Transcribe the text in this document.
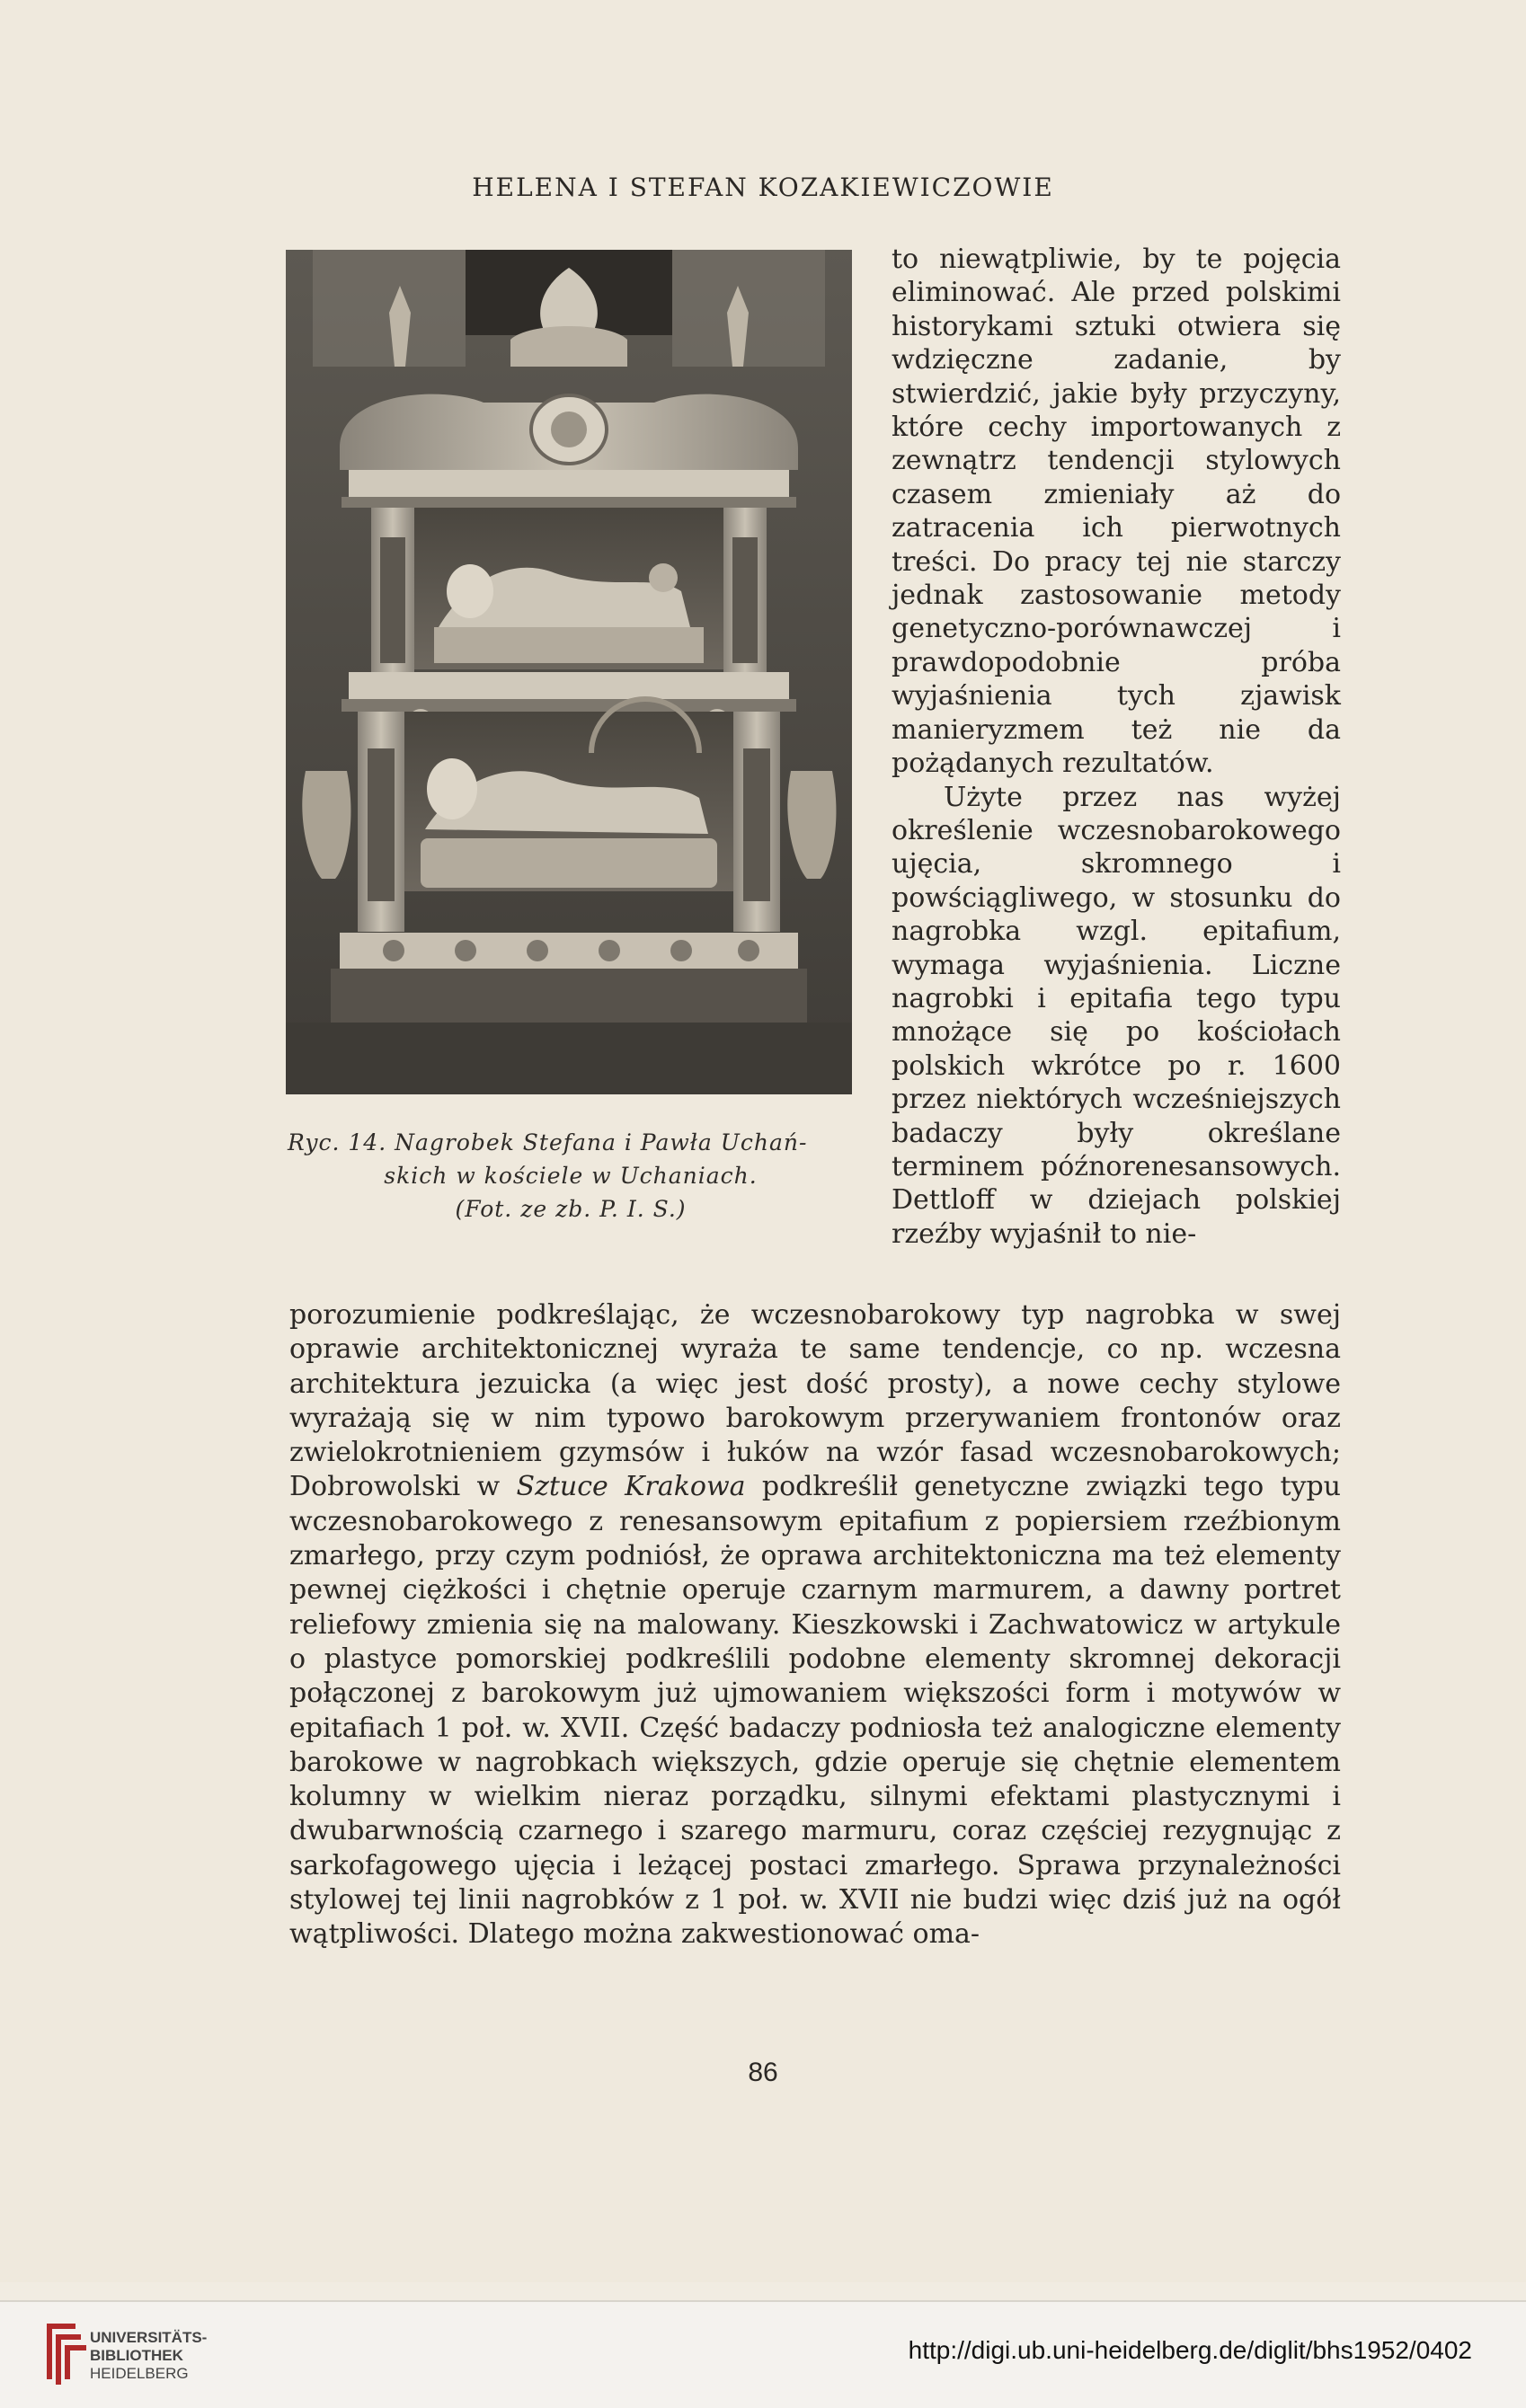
HELENA I STEFAN KOZAKIEWICZOWIE
Ryc. 14. Nagrobek Stefana i Pawła Uchań-
skich w kościele w Uchaniach.
(Fot. ze zb. P. I. S.)

to niewątpliwie, by te pojęcia eliminować. Ale przed polskimi historykami sztuki otwiera się wdzięczne zadanie, by stwierdzić, jakie były przyczyny, które cechy importowanych z zewnątrz tendencji stylowych czasem zmieniały aż do zatracenia ich pierwotnych treści. Do pracy tej nie starczy jednak zastosowanie metody genetyczno-porównawczej i prawdopodobnie próba wyjaśnienia tych zjawisk manieryzmem też nie da pożądanych rezultatów.

Użyte przez nas wyżej określenie wczesnobarokowego ujęcia, skromnego i powściągliwego, w stosunku do nagrobka wzgl. epitafium, wymaga wyjaśnienia. Liczne nagrobki i epitafia tego typu mnożące się po kościołach polskich wkrótce po r. 1600 przez niektórych wcześniejszych badaczy były określane terminem późnorenesansowych. Dettloff w dziejach polskiej rzeźby wyjaśnił to nie-

porozumienie podkreślając, że wczesnobarokowy typ nagrobka w swej oprawie architektonicznej wyraża te same tendencje, co np. wczesna architektura jezuicka (a więc jest dość prosty), a nowe cechy stylowe wyrażają się w nim typowo barokowym przerywaniem frontonów oraz zwielokrotnieniem gzymsów i łuków na wzór fasad wczesnobarokowych; Dobrowolski w Sztuce Krakowa podkreślił genetyczne związki tego typu wczesnobarokowego z renesansowym epitafium z popiersiem rzeźbionym zmarłego, przy czym podniósł, że oprawa architektoniczna ma też elementy pewnej ciężkości i chętnie operuje czarnym marmurem, a dawny portret reliefowy zmienia się na malowany. Kieszkowski i Zachwatowicz w artykule o plastyce pomorskiej podkreślili podobne elementy skromnej dekoracji połączonej z barokowym już ujmowaniem większości form i motywów w epitafiach 1 poł. w. XVII. Część badaczy podniosła też analogiczne elementy barokowe w nagrobkach większych, gdzie operuje się chętnie elementem kolumny w wielkim nieraz porządku, silnymi efektami plastycznymi i dwubarwnością czarnego i szarego marmuru, coraz częściej rezygnując z sarkofagowego ujęcia i leżącej postaci zmarłego. Sprawa przynależności stylowej tej linii nagrobków z 1 poł. w. XVII nie budzi więc dziś już na ogół wątpliwości. Dlatego można zakwestionować oma-
86
UNIVERSITÄTS-
BIBLIOTHEK
HEIDELBERG
http://digi.ub.uni-heidelberg.de/diglit/bhs1952/0402
